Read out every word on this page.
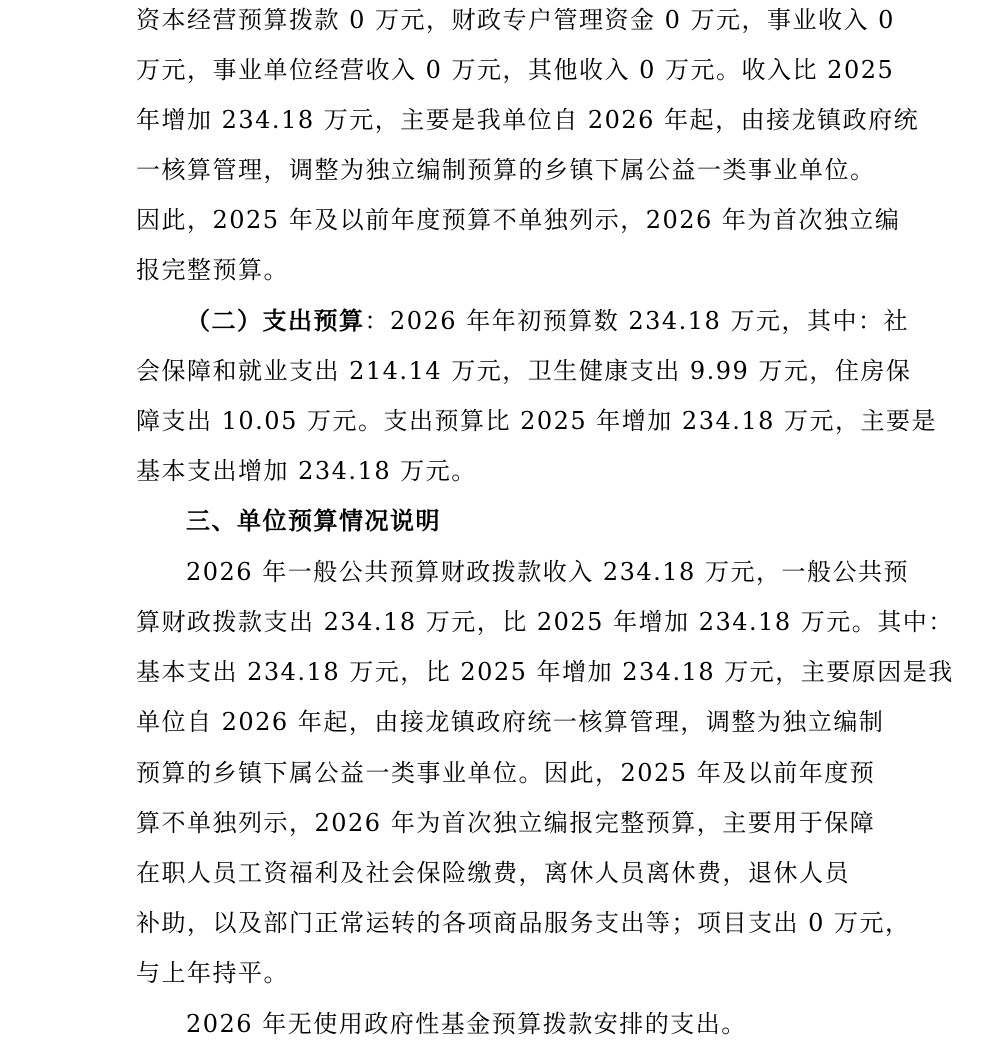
资本经营预算拨款 0 万元，财政专户管理资金 0 万元，事业收入 0
万元，事业单位经营收入 0 万元，其他收入 0 万元。收入比 2025
年增加 234.18 万元，主要是我单位自 2026 年起，由接龙镇政府统
一核算管理，调整为独立编制预算的乡镇下属公益一类事业单位。
因此，2025 年及以前年度预算不单独列示，2026 年为首次独立编
报完整预算。
（二）支出预算：2026 年年初预算数 234.18 万元，其中：社
会保障和就业支出 214.14 万元，卫生健康支出 9.99 万元，住房保
障支出 10.05 万元。支出预算比 2025 年增加 234.18 万元，主要是
基本支出增加 234.18 万元。
三、单位预算情况说明
2026 年一般公共预算财政拨款收入 234.18 万元，一般公共预
算财政拨款支出 234.18 万元，比 2025 年增加 234.18 万元。其中：
基本支出 234.18 万元，比 2025 年增加 234.18 万元，主要原因是我
单位自 2026 年起，由接龙镇政府统一核算管理，调整为独立编制
预算的乡镇下属公益一类事业单位。因此，2025 年及以前年度预
算不单独列示，2026 年为首次独立编报完整预算，主要用于保障
在职人员工资福利及社会保险缴费，离休人员离休费，退休人员
补助，以及部门正常运转的各项商品服务支出等；项目支出 0 万元，
与上年持平。
2026 年无使用政府性基金预算拨款安排的支出。
